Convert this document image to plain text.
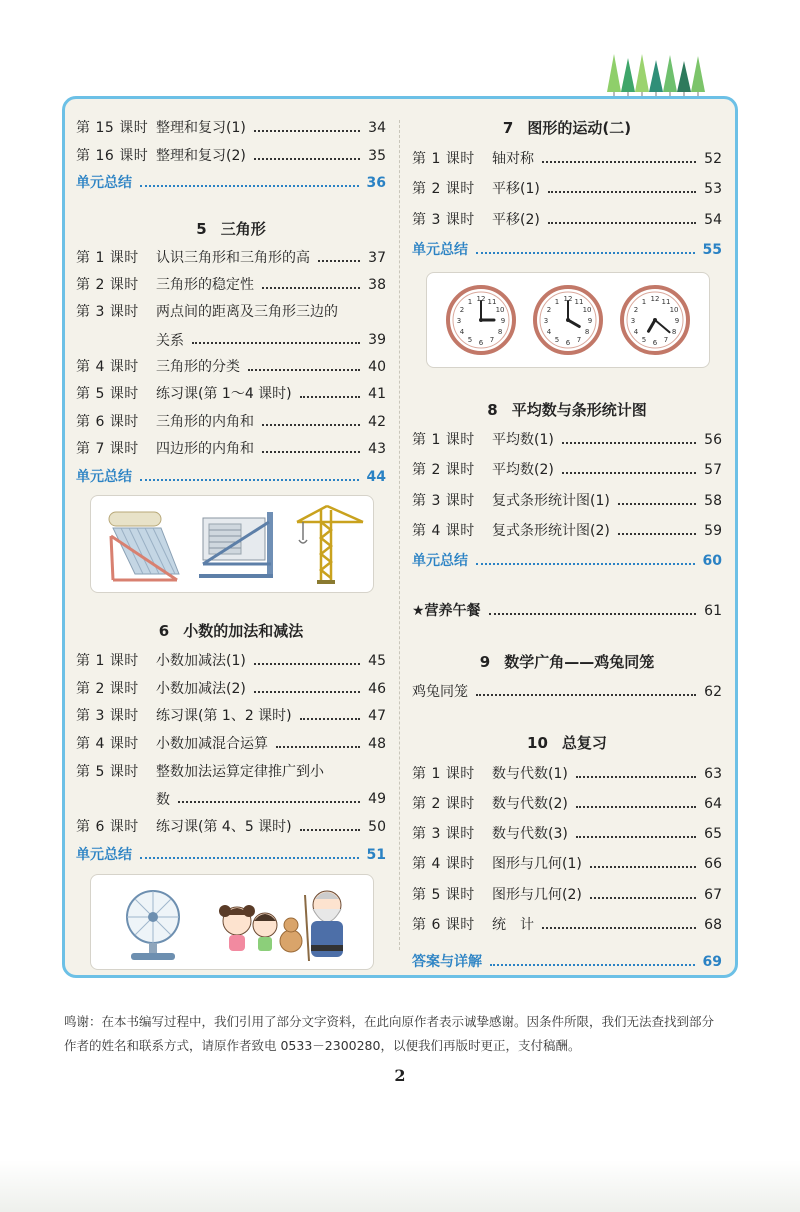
第 15 课时 整理和复习(1)	34
第 16 课时 整理和复习(2)	35
单元总结	36
5 三角形
第 1 课时	认识三角形和三角形的高	37
第 2 课时	三角形的稳定性	38
第 3 课时	两点间的距离及三角形三边的
关系	39
第 4 课时	三角形的分类	40
第 5 课时	练习课(第 1～4 课时)	41
第 6 课时	三角形的内角和	42
第 7 课时	四边形的内角和	43
单元总结	44
6 小数的加法和减法
第 1 课时	小数加减法(1)	45
第 2 课时	小数加减法(2)	46
第 3 课时	练习课(第 1、2 课时)	47
第 4 课时	小数加减混合运算	48
第 5 课时	整数加法运算定律推广到小
数	49
第 6 课时	练习课(第 4、5 课时)	50
单元总结	51
7 图形的运动(二)
第 1 课时	轴对称	52
第 2 课时	平移(1)	53
第 3 课时	平移(2)	54
单元总结	55
8 平均数与条形统计图
第 1 课时	平均数(1)	56
第 2 课时	平均数(2)	57
第 3 课时	复式条形统计图(1)	58
第 4 课时	复式条形统计图(2)	59
单元总结	60
★营养午餐	61
9 数学广角——鸡兔同笼
鸡兔同笼	62
10 总复习
第 1 课时	数与代数(1)	63
第 2 课时	数与代数(2)	64
第 3 课时	数与代数(3)	65
第 4 课时	图形与几何(1)	66
第 5 课时	图形与几何(2)	67
第 6 课时	统　计	68
答案与详解	69
12
1
2
3
4
5 6 7
8
9
10
11	12
1
2
3
4
5 6 7
8
9
10
11	12
1
2
3
4
5 6 7
8
9
10
11
鸣谢：在本书编写过程中，我们引用了部分文字资料，在此向原作者表示诚挚感谢。因条件所限，我们无法查找到部分
作者的姓名和联系方式，请原作者致电 0533－2300280，以便我们再版时更正，支付稿酬。
2
